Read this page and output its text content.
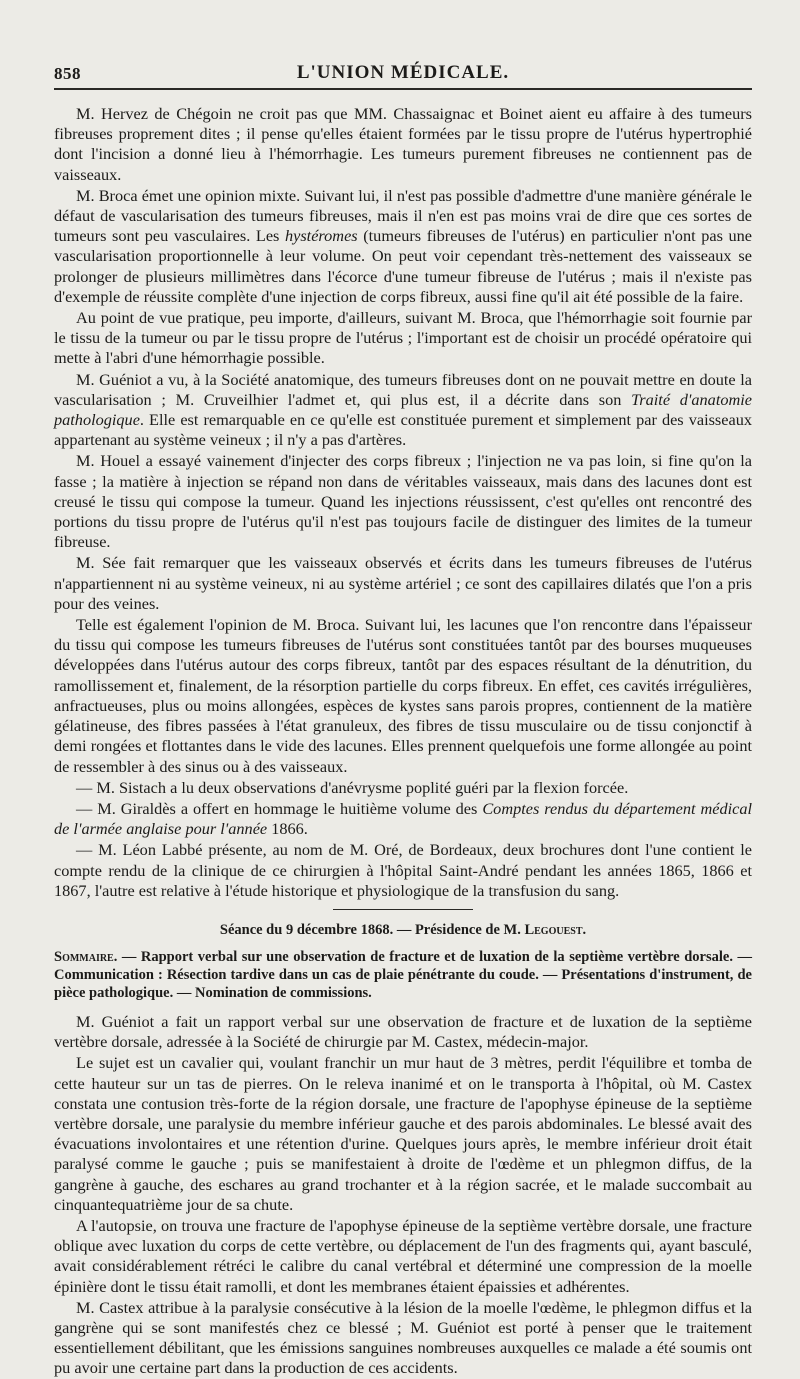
858	L'UNION MÉDICALE.

M. Hervez de Chégoin ne croit pas que MM. Chassaignac et Boinet aient eu affaire à des tumeurs fibreuses proprement dites ; il pense qu'elles étaient formées par le tissu propre de l'utérus hypertrophié dont l'incision a donné lieu à l'hémorrhagie. Les tumeurs purement fibreuses ne contiennent pas de vaisseaux.

M. Broca émet une opinion mixte. Suivant lui, il n'est pas possible d'admettre d'une manière générale le défaut de vascularisation des tumeurs fibreuses, mais il n'en est pas moins vrai de dire que ces sortes de tumeurs sont peu vasculaires. Les hystéromes (tumeurs fibreuses de l'utérus) en particulier n'ont pas une vascularisation proportionnelle à leur volume. On peut voir cependant très-nettement des vaisseaux se prolonger de plusieurs millimètres dans l'écorce d'une tumeur fibreuse de l'utérus ; mais il n'existe pas d'exemple de réussite complète d'une injection de corps fibreux, aussi fine qu'il ait été possible de la faire.

Au point de vue pratique, peu importe, d'ailleurs, suivant M. Broca, que l'hémorrhagie soit fournie par le tissu de la tumeur ou par le tissu propre de l'utérus ; l'important est de choisir un procédé opératoire qui mette à l'abri d'une hémorrhagie possible.

M. Guéniot a vu, à la Société anatomique, des tumeurs fibreuses dont on ne pouvait mettre en doute la vascularisation ; M. Cruveilhier l'admet et, qui plus est, il a décrite dans son Traité d'anatomie pathologique. Elle est remarquable en ce qu'elle est constituée purement et simplement par des vaisseaux appartenant au système veineux ; il n'y a pas d'artères.

M. Houel a essayé vainement d'injecter des corps fibreux ; l'injection ne va pas loin, si fine qu'on la fasse ; la matière à injection se répand non dans de véritables vaisseaux, mais dans des lacunes dont est creusé le tissu qui compose la tumeur. Quand les injections réussissent, c'est qu'elles ont rencontré des portions du tissu propre de l'utérus qu'il n'est pas toujours facile de distinguer des limites de la tumeur fibreuse.

M. Sée fait remarquer que les vaisseaux observés et écrits dans les tumeurs fibreuses de l'utérus n'appartiennent ni au système veineux, ni au système artériel ; ce sont des capillaires dilatés que l'on a pris pour des veines.

Telle est également l'opinion de M. Broca. Suivant lui, les lacunes que l'on rencontre dans l'épaisseur du tissu qui compose les tumeurs fibreuses de l'utérus sont constituées tantôt par des bourses muqueuses développées dans l'utérus autour des corps fibreux, tantôt par des espaces résultant de la dénutrition, du ramollissement et, finalement, de la résorption partielle du corps fibreux. En effet, ces cavités irrégulières, anfractueuses, plus ou moins allongées, espèces de kystes sans parois propres, contiennent de la matière gélatineuse, des fibres passées à l'état granuleux, des fibres de tissu musculaire ou de tissu conjonctif à demi rongées et flottantes dans le vide des lacunes. Elles prennent quelquefois une forme allongée au point de ressembler à des sinus ou à des vaisseaux.

— M. Sistach a lu deux observations d'anévrysme poplité guéri par la flexion forcée.

— M. Giraldès a offert en hommage le huitième volume des Comptes rendus du département médical de l'armée anglaise pour l'année 1866.

— M. Léon Labbé présente, au nom de M. Oré, de Bordeaux, deux brochures dont l'une contient le compte rendu de la clinique de ce chirurgien à l'hôpital Saint-André pendant les années 1865, 1866 et 1867, l'autre est relative à l'étude historique et physiologique de la transfusion du sang.

Séance du 9 décembre 1868. — Présidence de M. Legouest.

Sommaire. — Rapport verbal sur une observation de fracture et de luxation de la septième vertèbre dorsale. — Communication : Résection tardive dans un cas de plaie pénétrante du coude. — Présentations d'instrument, de pièce pathologique. — Nomination de commissions.

M. Guéniot a fait un rapport verbal sur une observation de fracture et de luxation de la septième vertèbre dorsale, adressée à la Société de chirurgie par M. Castex, médecin-major.

Le sujet est un cavalier qui, voulant franchir un mur haut de 3 mètres, perdit l'équilibre et tomba de cette hauteur sur un tas de pierres. On le releva inanimé et on le transporta à l'hôpital, où M. Castex constata une contusion très-forte de la région dorsale, une fracture de l'apophyse épineuse de la septième vertèbre dorsale, une paralysie du membre inférieur gauche et des parois abdominales. Le blessé avait des évacuations involontaires et une rétention d'urine. Quelques jours après, le membre inférieur droit était paralysé comme le gauche ; puis se manifestaient à droite de l'œdème et un phlegmon diffus, de la gangrène à gauche, des eschares au grand trochanter et à la région sacrée, et le malade succombait au cinquantequatrième jour de sa chute.

A l'autopsie, on trouva une fracture de l'apophyse épineuse de la septième vertèbre dorsale, une fracture oblique avec luxation du corps de cette vertèbre, ou déplacement de l'un des fragments qui, ayant basculé, avait considérablement rétréci le calibre du canal vertébral et déterminé une compression de la moelle épinière dont le tissu était ramolli, et dont les membranes étaient épaissies et adhérentes.

M. Castex attribue à la paralysie consécutive à la lésion de la moelle l'œdème, le phlegmon diffus et la gangrène qui se sont manifestés chez ce blessé ; M. Guéniot est porté à penser que le traitement essentiellement débilitant, que les émissions sanguines nombreuses auxquelles ce malade a été soumis ont pu avoir une certaine part dans la production de ces accidents.
